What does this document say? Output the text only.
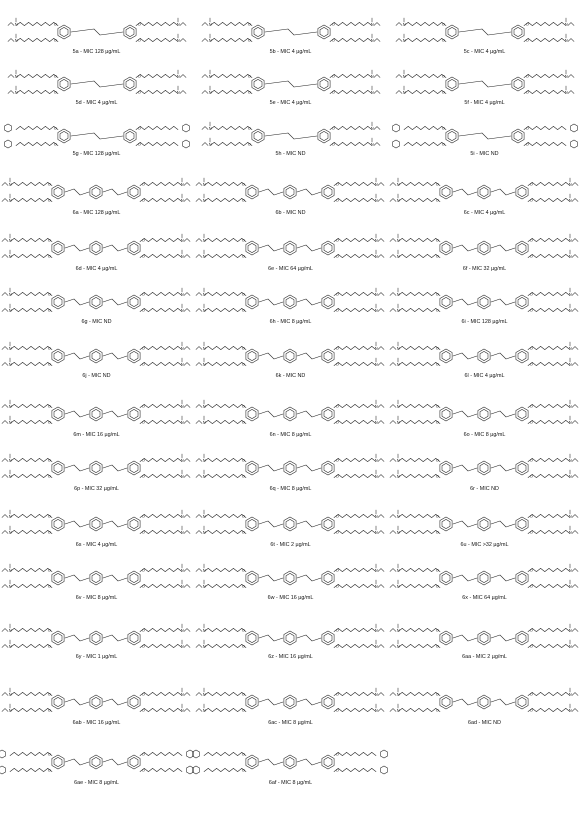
O
N
O
N
O	N
O	N
5a - MIC 128 µg/mL
O
N
O
N
O	N
O	N
5b - MIC 4 µg/mL
O
N
O
N
O	N
O	N
5c - MIC 4 µg/mL
O
N
O
N
O	N
O	N
5d - MIC 4 µg/mL
O
N
O
N
O	N
O	N
5e - MIC 4 µg/mL
O
N
O
N
O	N
O	N
5f - MIC 4 µg/mL
O
O
O
O
5g - MIC 128 µg/mL
O
N
O
N
O	N
O	N
5h - MIC ND
O
O
O
O
5i - MIC ND
O
N
O
N
O	N
O	N
6a - MIC 128 µg/mL
O
N
O
N
O	N
O	N
6b - MIC ND
O
N
O
N
O	N
O	N
6c - MIC 4 µg/mL
O
N
O
N
O	N
O	N
6d - MIC 4 µg/mL
O
N
O
N
O	N
O	N
6e - MIC 64 µg/mL
O
N
O
N
O	N
O	N
6f - MIC 32 µg/mL
O
N
O
N
O	N
O	N
6g - MIC ND
O
N
O
N
O	N
O	N
6h - MIC 8 µg/mL
O
N
O
N
O	N
O	N
6i - MIC 128 µg/mL
O
N
O
N
O	N
O	N
6j - MIC ND
O
N
O
N
O	N
O	N
6k - MIC ND
O
N
O
N
O	N
O	N
6l - MIC 4 µg/mL
O
N
O
N
O	N
O	N
6m - MIC 16 µg/mL
O
N
O
N
O	N
O	N
6n - MIC 8 µg/mL
O
N
O
N
O	N
O	N
6o - MIC 8 µg/mL
O
N
O
N
O	N
O	N
6p - MIC 32 µg/mL
O
N
O
N
O	N
O	N
6q - MIC 8 µg/mL
O
N
O
N
O	N
O	N
6r - MIC ND
O
N
O
N
O	N
O	N
6s - MIC 4 µg/mL
O
N
O
N
O	N
O	N
6t - MIC 2 µg/mL
O
N
O
N
O	N
O	N
6u - MIC >32 µg/mL
O
N
O
N
O	N
O	N
6v - MIC 8 µg/mL
O
N
O
N
O	N
O	N
6w - MIC 16 µg/mL
O
N
O
N
O	N
O	N
6x - MIC 64 µg/mL
O
N
O
N
O	N
O	N
6y - MIC 1 µg/mL
O
N
O
N
O	N
O	N
6z - MIC 16 µg/mL
O
N
O
N
O	N
O	N
6aa - MIC 2 µg/mL
O
N
O
N
O	N
O	N
6ab - MIC 16 µg/mL
O
N
O
N
O	N
O	N
6ac - MIC 8 µg/mL
O
N
O
N
O	N
O	N
6ad - MIC ND
O
O
O
O
6ae - MIC 8 µg/mL
O
O
O
O
6af - MIC 8 µg/mL
